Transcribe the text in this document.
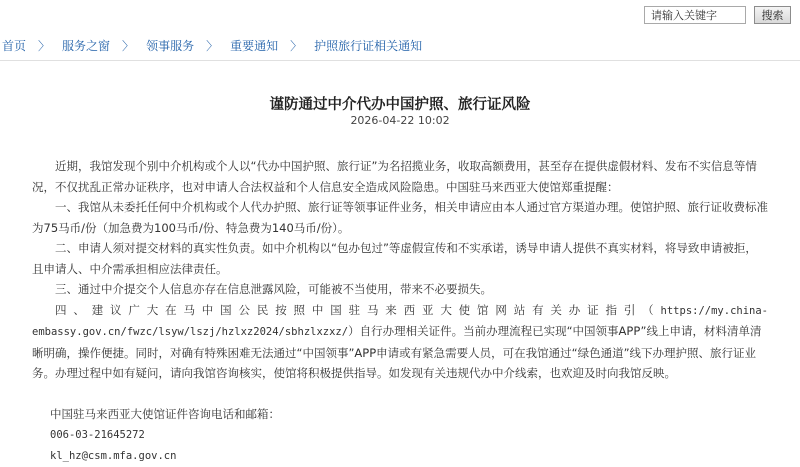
请输入关键字
搜索
首页 〉 服务之窗 〉 领事服务 〉 重要通知 〉 护照旅行证相关通知
谨防通过中介代办中国护照、旅行证风险
2026-04-22 10:02

近期，我馆发现个别中介机构或个人以“代办中国护照、旅行证”为名招揽业务，收取高额费用，甚至存在提供虚假材料、发布不实信息等情况，不仅扰乱正常办证秩序，也对申请人合法权益和个人信息安全造成风险隐患。中国驻马来西亚大使馆郑重提醒：

一、我馆从未委托任何中介机构或个人代办护照、旅行证等领事证件业务，相关申请应由本人通过官方渠道办理。使馆护照、旅行证收费标准为75马币/份（加急费为100马币/份、特急费为140马币/份）。

二、申请人须对提交材料的真实性负责。如中介机构以“包办包过”等虚假宣传和不实承诺，诱导申请人提供不真实材料，将导致申请被拒，且申请人、中介需承担相应法律责任。

三、通过中介提交个人信息亦存在信息泄露风险，可能被不当使用，带来不必要损失。

四、建议广大在马中国公民按照中国驻马来西亚大使馆网站有关办证指引（https://my.china-

embassy.gov.cn/fwzc/lsyw/lszj/hzlxz2024/sbhzlxzxz/）自行办理相关证件。当前办理流程已实现“中国领事APP”线上申请，材料清单清晰明确，操作便捷。同时，对确有特殊困难无法通过“中国领事”APP申请或有紧急需要人员，可在我馆通过“绿色通道”线下办理护照、旅行证业务。办理过程中如有疑问，请向我馆咨询核实，使馆将积极提供指导。如发现有关违规代办中介线索，也欢迎及时向我馆反映。

中国驻马来西亚大使馆证件咨询电话和邮箱：

006-03-21645272

kl_hz@csm.mfa.gov.cn
